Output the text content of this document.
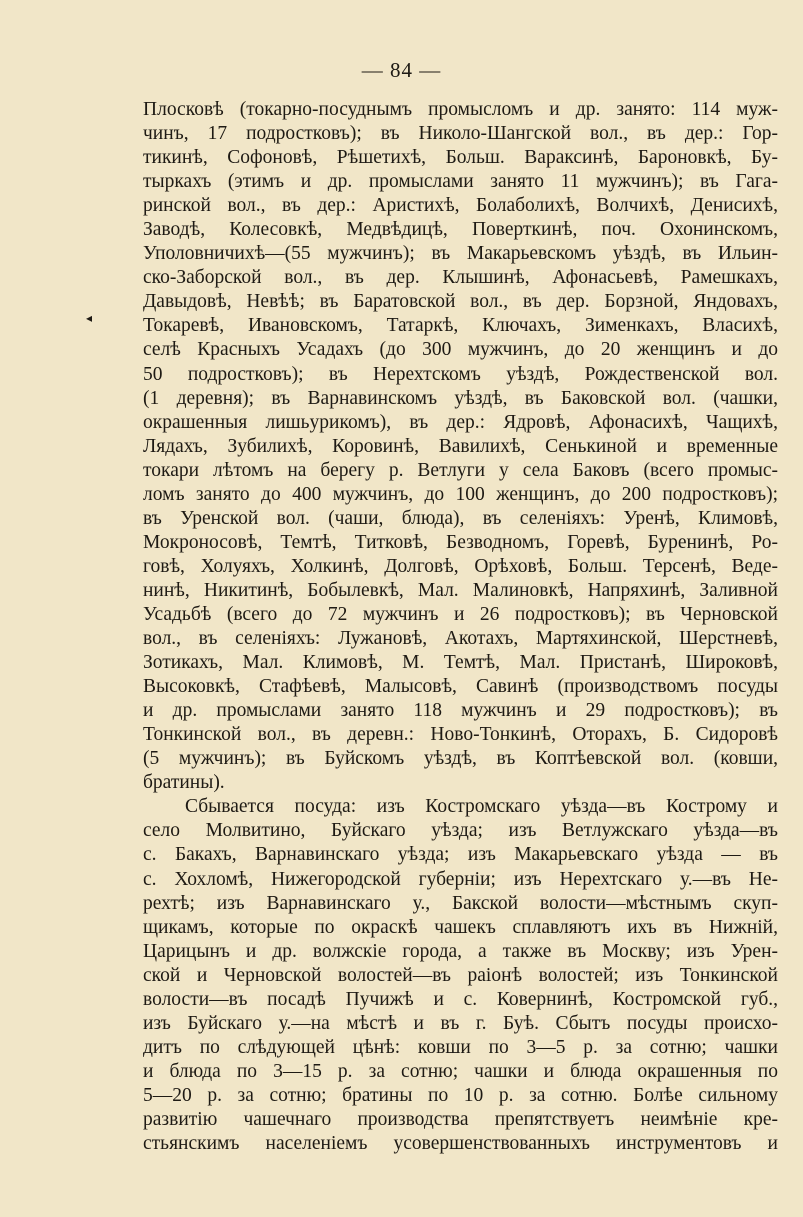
— 84 —
◂
Плосковѣ (токарно-посуднымъ промысломъ и др. занято: 114 муж-
чинъ, 17 подростковъ); въ Николо-Шангской вол., въ дер.: Гор-
тикинѣ, Софоновѣ, Рѣшетихѣ, Больш. Вараксинѣ, Бароновкѣ, Бу-
тыркахъ (этимъ и др. промыслами занято 11 мужчинъ); въ Гага-
ринской вол., въ дер.: Аристихѣ, Болаболихѣ, Волчихѣ, Денисихѣ,
Заводѣ, Колесовкѣ, Медвѣдицѣ, Поверткинѣ, поч. Охонинскомъ,
Уполовничихѣ—(55 мужчинъ); въ Макарьевскомъ уѣздѣ, въ Ильин-
ско-Заборской вол., въ дер. Клышинѣ, Афонасьевѣ, Рамешкахъ,
Давыдовѣ, Невѣѣ; въ Баратовской вол., въ дер. Борзной, Яндовахъ,
Токаревѣ, Ивановскомъ, Татаркѣ, Ключахъ, Зименкахъ, Власихѣ,
селѣ Красныхъ Усадахъ (до 300 мужчинъ, до 20 женщинъ и до
50 подростковъ); въ Нерехтскомъ уѣздѣ, Рождественской вол.
(1 деревня); въ Варнавинскомъ уѣздѣ, въ Баковской вол. (чашки,
окрашенныя лишьурикомъ), въ дер.: Ядровѣ, Афонасихѣ, Чащихѣ,
Лядахъ, Зубилихѣ, Коровинѣ, Вавилихѣ, Сенькиной и временные
токари лѣтомъ на берегу р. Ветлуги у села Баковъ (всего промыс-
ломъ занято до 400 мужчинъ, до 100 женщинъ, до 200 подростковъ);
въ Уренской вол. (чаши, блюда), въ селеніяхъ: Уренѣ, Климовѣ,
Мокроносовѣ, Темтѣ, Титковѣ, Безводномъ, Горевѣ, Буренинѣ, Ро-
говѣ, Холуяхъ, Холкинѣ, Долговѣ, Орѣховѣ, Больш. Терсенѣ, Веде-
нинѣ, Никитинѣ, Бобылевкѣ, Мал. Малиновкѣ, Напряхинѣ, Заливной
Усадьбѣ (всего до 72 мужчинъ и 26 подростковъ); въ Черновской
вол., въ селеніяхъ: Лужановѣ, Акотахъ, Мартяхинской, Шерстневѣ,
Зотикахъ, Мал. Климовѣ, М. Темтѣ, Мал. Пристанѣ, Широковѣ,
Высоковкѣ, Стафѣевѣ, Малысовѣ, Савинѣ (производствомъ посуды
и др. промыслами занято 118 мужчинъ и 29 подростковъ); въ
Тонкинской вол., въ деревн.: Ново-Тонкинѣ, Оторахъ, Б. Сидоровѣ
(5 мужчинъ); въ Буйскомъ уѣздѣ, въ Коптѣевской вол. (ковши,
братины).
Сбывается посуда: изъ Костромскаго уѣзда—въ Кострому и
село Молвитино, Буйскаго уѣзда; изъ Ветлужскаго уѣзда—въ
с. Бакахъ, Варнавинскаго уѣзда; изъ Макарьевскаго уѣзда — въ
с. Хохломѣ, Нижегородской губерніи; изъ Нерехтскаго у.—въ Не-
рехтѣ; изъ Варнавинскаго у., Бакской волости—мѣстнымъ скуп-
щикамъ, которые по окраскѣ чашекъ сплавляютъ ихъ въ Нижній,
Царицынъ и др. волжскіе города, а также въ Москву; изъ Урен-
ской и Черновской волостей—въ раіонѣ волостей; изъ Тонкинской
волости—въ посадѣ Пучижѣ и с. Ковернинѣ, Костромской губ.,
изъ Буйскаго у.—на мѣстѣ и въ г. Буѣ. Сбытъ посуды происхо-
дитъ по слѣдующей цѣнѣ: ковши по 3—5 р. за сотню; чашки
и блюда по 3—15 р. за сотню; чашки и блюда окрашенныя по
5—20 р. за сотню; братины по 10 р. за сотню. Болѣе сильному
развитію чашечнаго производства препятствуетъ неимѣніе кре-
стьянскимъ населеніемъ усовершенствованныхъ инструментовъ и
